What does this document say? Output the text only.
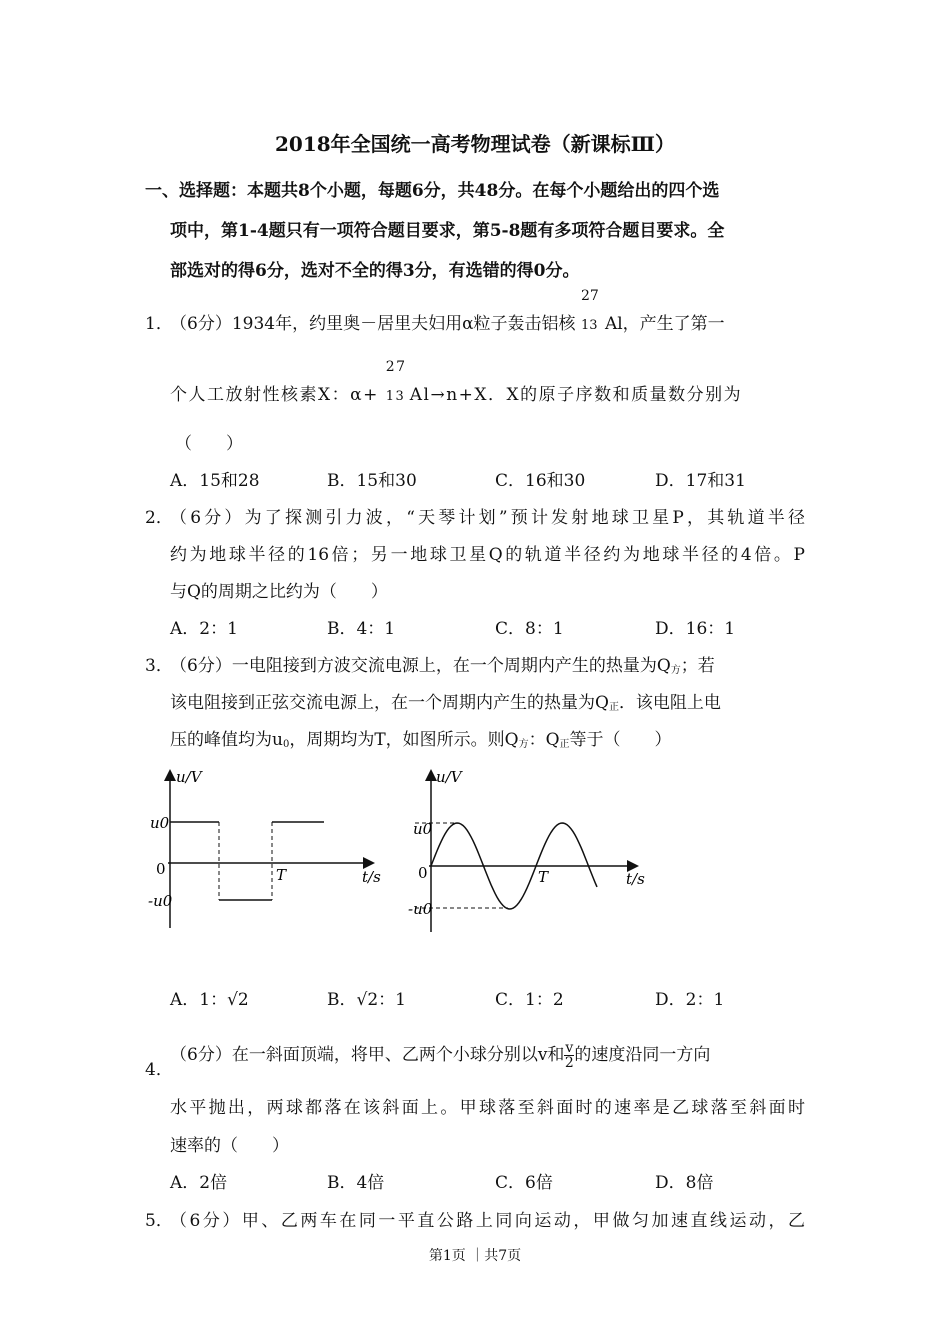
2018年全国统一高考物理试卷（新课标Ⅲ）
一、选择题：本题共8个小题，每题6分，共48分。在每个小题给出的四个选
项中，第1-4题只有一项符合题目要求，第5-8题有多项符合题目要求。全
部选对的得6分，选对不全的得3分，有选错的得0分。
1．
（6分）1934年，约里奥－居里夫妇用α粒子轰击铝核
27
13 Al，产生了第一
个人工放射性核素X：α+
27
13 Al→n+X．X的原子序数和质量数分别为
（　　）
A．15和28	B．15和30	C．16和30	D．17和31
2．
（6分）为了探测引力波，“天琴计划”预计发射地球卫星P，其轨道半径
约为地球半径的16倍；另一地球卫星Q的轨道半径约为地球半径的4倍。P
与Q的周期之比约为（　　）
A．2：1	B．4：1	C．8：1	D．16：1
3．
（6分）一电阻接到方波交流电源上，在一个周期内产生的热量为$Q_方$；若
该电阻接到正弦交流电源上，在一个周期内产生的热量为$Q_正$．该电阻上电
压的峰值均为$u_0$，周期均为T，如图所示。则$Q_方$：$Q_正$等于（　　）
u/V
u0
0
-u0
T	t/s
u/V
u0
0
-u0
T	t/s
A．1：√2	B．√2：1	C．1：2	D．2：1
4．
（6分）在一斜面顶端，将甲、乙两个小球分别以v和 $\frac{v}{2}$ 的速度沿同一方向
水平抛出，两球都落在该斜面上。甲球落至斜面时的速率是乙球落至斜面时
速率的（　　）
A．2倍	B．4倍	C．6倍	D．8倍
5．
（6分）甲、乙两车在同一平直公路上同向运动，甲做匀加速直线运动，乙
第1页 ｜共7页
